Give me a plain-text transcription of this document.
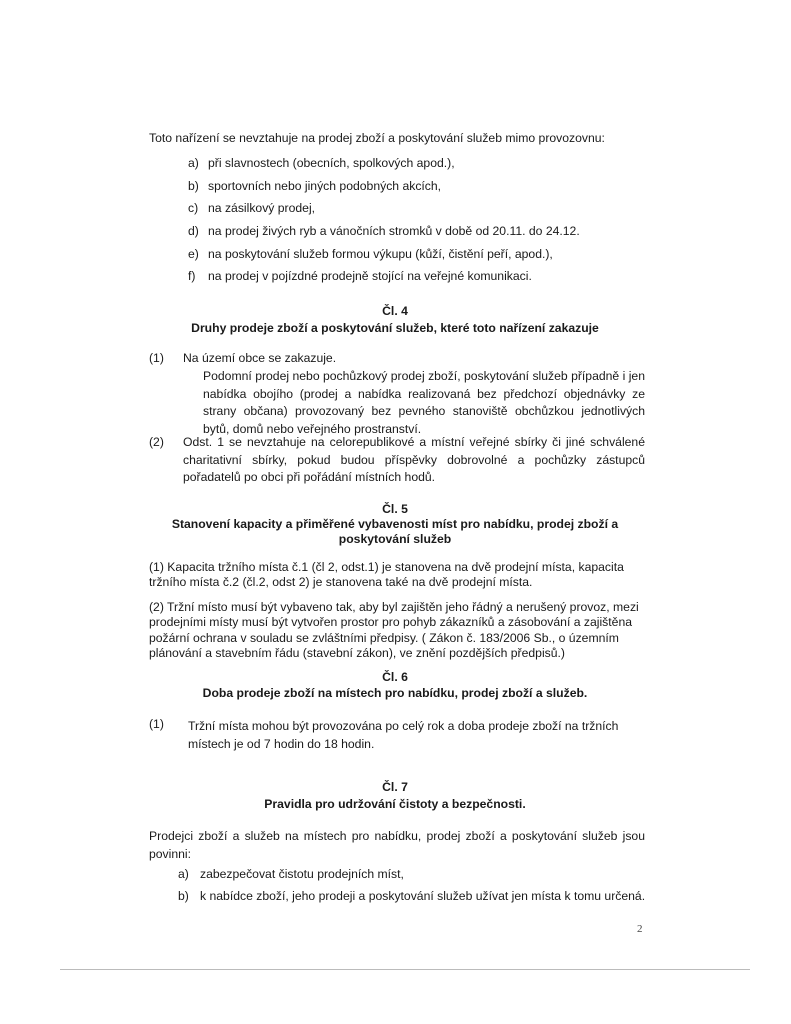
Toto nařízení se nevztahuje na prodej zboží a poskytování služeb mimo provozovnu:
a) při slavnostech (obecních, spolkových apod.),
b) sportovních nebo jiných podobných akcích,
c) na zásilkový prodej,
d) na prodej živých ryb a vánočních stromků v době od 20.11. do 24.12.
e) na poskytování služeb formou výkupu (kůží, čistění peří, apod.),
f)	na prodej v pojízdné prodejně stojící na veřejné komunikaci.
Čl. 4
Druhy prodeje zboží a poskytování služeb, které toto nařízení zakazuje
(1)	Na území obce se zakazuje.
Podomní prodej nebo pochůzkový prodej zboží, poskytování služeb případně i jen nabídka obojího (prodej a nabídka realizovaná bez předchozí objednávky ze strany občana) provozovaný bez pevného stanoviště obchůzkou jednotlivých bytů, domů nebo veřejného prostranství.
(2)	Odst. 1 se nevztahuje na celorepublikové a místní veřejné sbírky či jiné schválené charitativní sbírky, pokud budou příspěvky dobrovolné a pochůzky zástupců pořadatelů po obci při pořádání místních hodů.
Čl. 5
Stanovení kapacity a přiměřené vybavenosti míst pro nabídku, prodej zboží a
poskytování služeb
(1) Kapacita tržního místa č.1 (čl 2, odst.1) je stanovena na dvě prodejní místa, kapacita
tržního místa č.2 (čl.2, odst 2) je stanovena také na dvě prodejní místa.
(2) Tržní místo musí být vybaveno tak, aby byl zajištěn jeho řádný a nerušený provoz, mezi
prodejními místy musí být vytvořen prostor pro pohyb zákazníků a zásobování a zajištěna
požární ochrana v souladu se zvláštními předpisy. ( Zákon č. 183/2006 Sb., o územním
plánování a stavebním řádu (stavební zákon), ve znění pozdějších předpisů.)
Čl. 6
Doba prodeje zboží na místech pro nabídku, prodej zboží a služeb.
(1)	Tržní místa mohou být provozována po celý rok a doba prodeje zboží na tržních
místech je od 7 hodin do 18 hodin.
Čl. 7
Pravidla pro udržování čistoty a bezpečnosti.
Prodejci zboží a služeb na místech pro nabídku, prodej zboží a poskytování služeb jsou povinni:
a) zabezpečovat čistotu prodejních míst,
b) k nabídce zboží, jeho prodeji a poskytování služeb užívat jen místa k tomu určená.
2
